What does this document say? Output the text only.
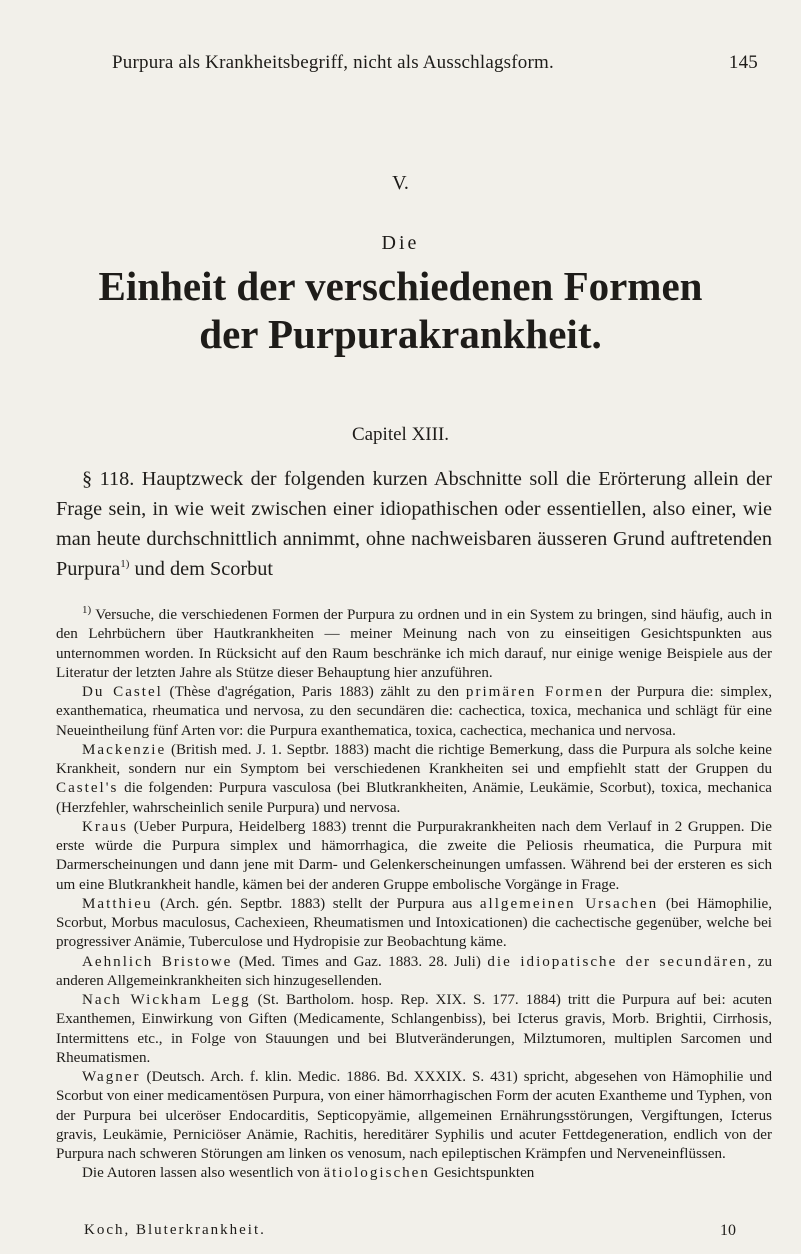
Purpura als Krankheitsbegriff, nicht als Ausschlagsform.	145
V.
Die
Einheit der verschiedenen Formen
der Purpurakrankheit.
Capitel XIII.

§ 118. Hauptzweck der folgenden kurzen Abschnitte soll die Erörterung allein der Frage sein, in wie weit zwischen einer idiopathischen oder essentiellen, also einer, wie man heute durchschnittlich annimmt, ohne nachweisbaren äusseren Grund auftretenden Purpura$^{1)}$ und dem Scorbut

$^{1)}$ Versuche, die verschiedenen Formen der Purpura zu ordnen und in ein System zu bringen, sind häufig, auch in den Lehrbüchern über Hautkrankheiten — meiner Meinung nach von zu einseitigen Gesichtspunkten aus unternommen worden. In Rücksicht auf den Raum beschränke ich mich darauf, nur einige wenige Beispiele aus der Literatur der letzten Jahre als Stütze dieser Behauptung hier anzuführen.

Du Castel (Thèse d'agrégation, Paris 1883) zählt zu den primären Formen der Purpura die: simplex, exanthematica, rheumatica und nervosa, zu den secundären die: cachectica, toxica, mechanica und schlägt für eine Neueintheilung fünf Arten vor: die Purpura exanthematica, toxica, cachectica, mechanica und nervosa.

Mackenzie (British med. J. 1. Septbr. 1883) macht die richtige Bemerkung, dass die Purpura als solche keine Krankheit, sondern nur ein Symptom bei verschiedenen Krankheiten sei und empfiehlt statt der Gruppen du Castel's die folgenden: Purpura vasculosa (bei Blutkrankheiten, Anämie, Leukämie, Scorbut), toxica, mechanica (Herzfehler, wahrscheinlich senile Purpura) und nervosa.

Kraus (Ueber Purpura, Heidelberg 1883) trennt die Purpurakrankheiten nach dem Verlauf in 2 Gruppen. Die erste würde die Purpura simplex und hämorrhagica, die zweite die Peliosis rheumatica, die Purpura mit Darmerscheinungen und dann jene mit Darm- und Gelenkerscheinungen umfassen. Während bei der ersteren es sich um eine Blutkrankheit handle, kämen bei der anderen Gruppe embolische Vorgänge in Frage.

Matthieu (Arch. gén. Septbr. 1883) stellt der Purpura aus allgemeinen Ursachen (bei Hämophilie, Scorbut, Morbus maculosus, Cachexieen, Rheumatismen und Intoxicationen) die cachectische gegenüber, welche bei progressiver Anämie, Tuberculose und Hydropisie zur Beobachtung käme.

Aehnlich Bristowe (Med. Times and Gaz. 1883. 28. Juli) die idiopatische der secundären, zu anderen Allgemeinkrankheiten sich hinzugesellenden.

Nach Wickham Legg (St. Bartholom. hosp. Rep. XIX. S. 177. 1884) tritt die Purpura auf bei: acuten Exanthemen, Einwirkung von Giften (Medicamente, Schlangenbiss), bei Icterus gravis, Morb. Brightii, Cirrhosis, Intermittens etc., in Folge von Stauungen und bei Blutveränderungen, Milztumoren, multiplen Sarcomen und Rheumatismen.

Wagner (Deutsch. Arch. f. klin. Medic. 1886. Bd. XXXIX. S. 431) spricht, abgesehen von Hämophilie und Scorbut von einer medicamentösen Purpura, von einer hämorrhagischen Form der acuten Exantheme und Typhen, von der Purpura bei ulceröser Endocarditis, Septicopyämie, allgemeinen Ernährungsstörungen, Vergiftungen, Icterus gravis, Leukämie, Perniciöser Anämie, Rachitis, hereditärer Syphilis und acuter Fettdegeneration, endlich von der Purpura nach schweren Störungen am linken os venosum, nach epileptischen Krämpfen und Nerveneinflüssen.

Die Autoren lassen also wesentlich von ätiologischen Gesichtspunkten

Koch, Bluterkrankheit.	10
